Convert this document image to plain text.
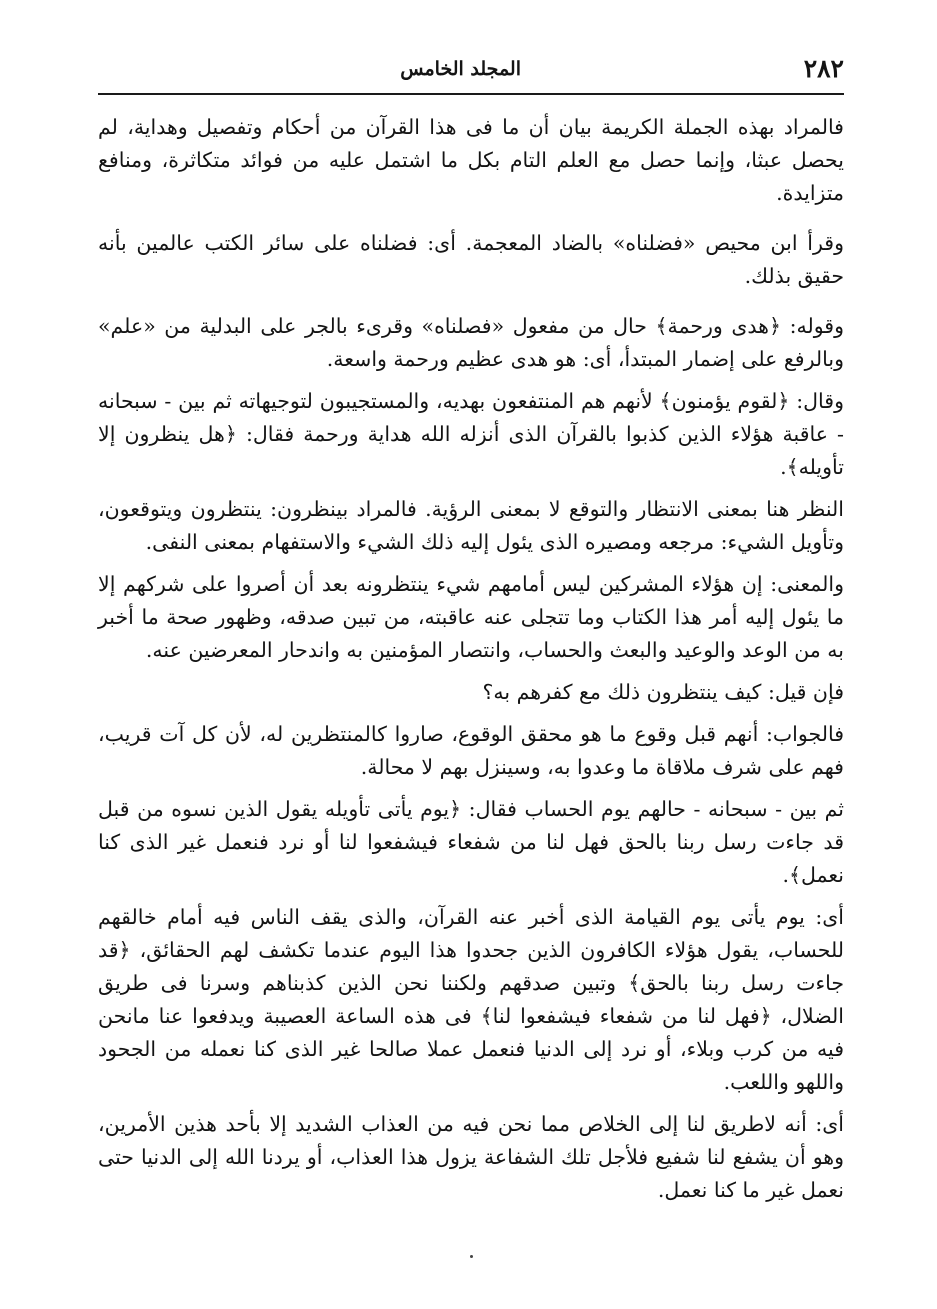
٢٨٢
المجلد الخامس

فالمراد بهذه الجملة الكريمة بيان أن ما فى هذا القرآن من أحكام وتفصيل وهداية، لم يحصل عبثا، وإنما حصل مع العلم التام بكل ما اشتمل عليه من فوائد متكاثرة، ومنافع متزايدة.

وقرأ ابن محيص «فضلناه» بالضاد المعجمة. أى: فضلناه على سائر الكتب عالمين بأنه حقيق بذلك.

وقوله: ﴿هدى ورحمة﴾ حال من مفعول «فصلناه» وقرىء بالجر على البدلية من «علم» وبالرفع على إضمار المبتدأ، أى: هو هدى عظيم ورحمة واسعة.

وقال: ﴿لقوم يؤمنون﴾ لأنهم هم المنتفعون بهديه، والمستجيبون لتوجيهاته ثم بين - سبحانه - عاقبة هؤلاء الذين كذبوا بالقرآن الذى أنزله الله هداية ورحمة فقال: ﴿هل ينظرون إلا تأويله﴾.

النظر هنا بمعنى الانتظار والتوقع لا بمعنى الرؤية. فالمراد بينظرون: ينتظرون ويتوقعون، وتأويل الشيء: مرجعه ومصيره الذى يئول إليه ذلك الشيء والاستفهام بمعنى النفى.

والمعنى: إن هؤلاء المشركين ليس أمامهم شيء ينتظرونه بعد أن أصروا على شركهم إلا ما يئول إليه أمر هذا الكتاب وما تتجلى عنه عاقبته، من تبين صدقه، وظهور صحة ما أخبر به من الوعد والوعيد والبعث والحساب، وانتصار المؤمنين به واندحار المعرضين عنه.

فإن قيل: كيف ينتظرون ذلك مع كفرهم به؟

فالجواب: أنهم قبل وقوع ما هو محقق الوقوع، صاروا كالمنتظرين له، لأن كل آت قريب، فهم على شرف ملاقاة ما وعدوا به، وسينزل بهم لا محالة.

ثم بين - سبحانه - حالهم يوم الحساب فقال: ﴿يوم يأتى تأويله يقول الذين نسوه من قبل قد جاءت رسل ربنا بالحق فهل لنا من شفعاء فيشفعوا لنا أو نرد فنعمل غير الذى كنا نعمل﴾.

أى: يوم يأتى يوم القيامة الذى أخبر عنه القرآن، والذى يقف الناس فيه أمام خالقهم للحساب، يقول هؤلاء الكافرون الذين جحدوا هذا اليوم عندما تكشف لهم الحقائق، ﴿قد جاءت رسل ربنا بالحق﴾ وتبين صدقهم ولكننا نحن الذين كذبناهم وسرنا فى طريق الضلال، ﴿فهل لنا من شفعاء فيشفعوا لنا﴾ فى هذه الساعة العصيبة ويدفعوا عنا مانحن فيه من كرب وبلاء، أو نرد إلى الدنيا فنعمل عملا صالحا غير الذى كنا نعمله من الجحود واللهو واللعب.

أى: أنه لاطريق لنا إلى الخلاص مما نحن فيه من العذاب الشديد إلا بأحد هذين الأمرين، وهو أن يشفع لنا شفيع فلأجل تلك الشفاعة يزول هذا العذاب، أو يردنا الله إلى الدنيا حتى نعمل غير ما كنا نعمل.
